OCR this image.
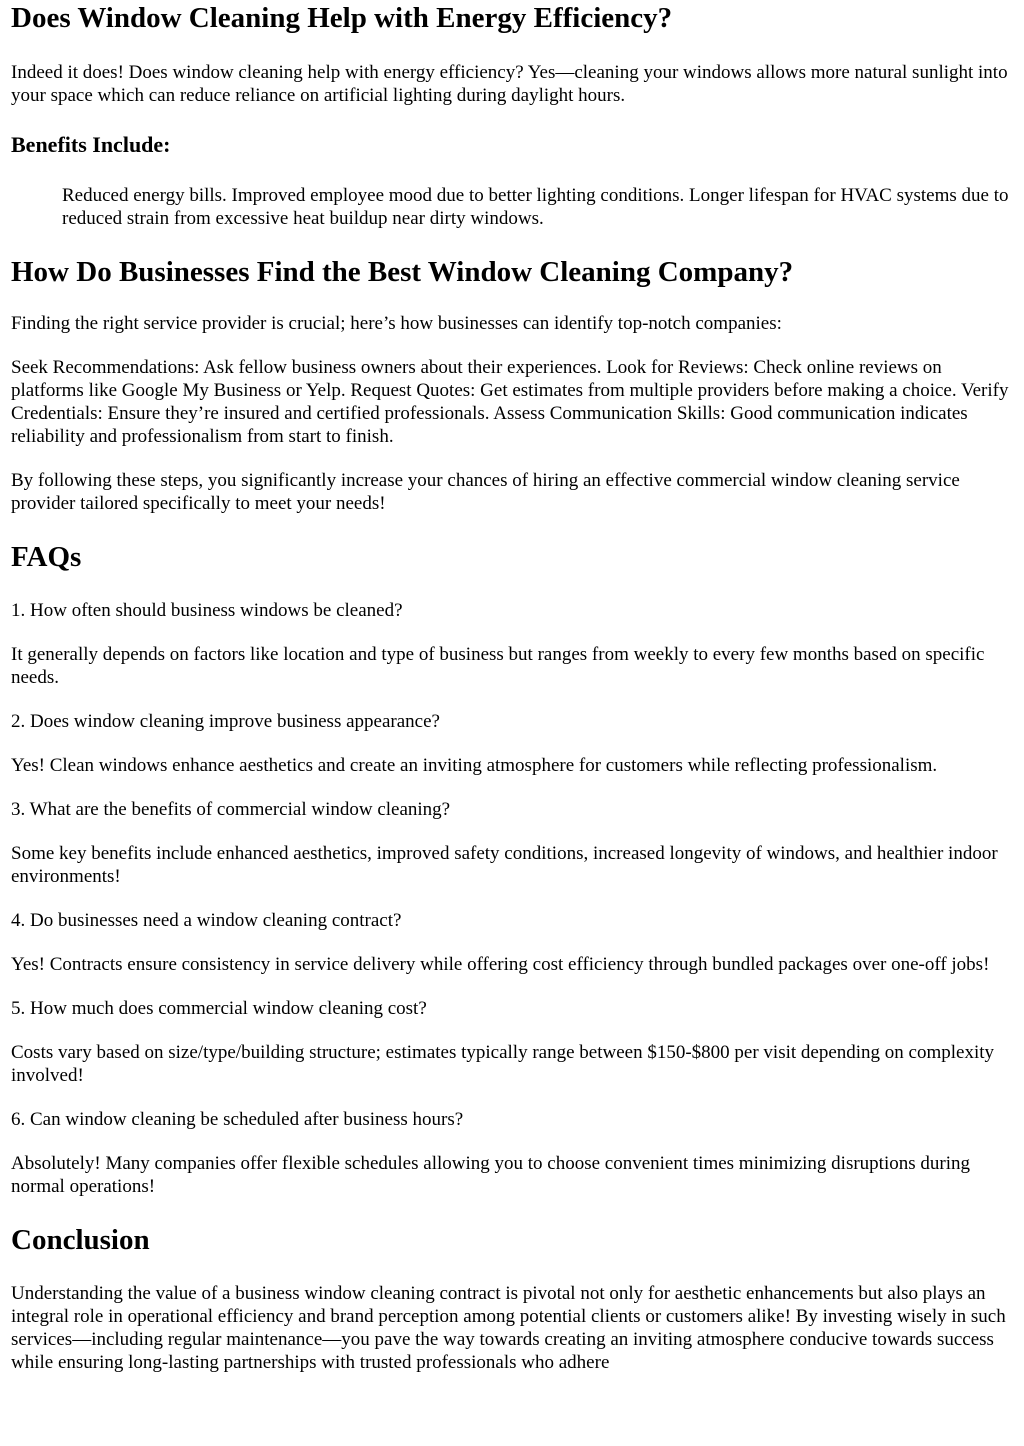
Does Window Cleaning Help with Energy Efficiency?

Indeed it does! Does window cleaning help with energy efficiency? Yes—cleaning your windows allows more natural sunlight into your space which can reduce reliance on artificial lighting during daylight hours.

Benefits Include:
Reduced energy bills. Improved employee mood due to better lighting conditions. Longer lifespan for HVAC systems due to reduced strain from excessive heat buildup near dirty windows.
How Do Businesses Find the Best Window Cleaning Company?

Finding the right service provider is crucial; here’s how businesses can identify top-notch companies:

Seek Recommendations: Ask fellow business owners about their experiences. Look for Reviews: Check online reviews on platforms like Google My Business or Yelp. Request Quotes: Get estimates from multiple providers before making a choice. Verify Credentials: Ensure they’re insured and certified professionals. Assess Communication Skills: Good communication indicates reliability and professionalism from start to finish.

By following these steps, you significantly increase your chances of hiring an effective commercial window cleaning service provider tailored specifically to meet your needs!

FAQs

1. How often should business windows be cleaned?

It generally depends on factors like location and type of business but ranges from weekly to every few months based on specific needs.

2. Does window cleaning improve business appearance?

Yes! Clean windows enhance aesthetics and create an inviting atmosphere for customers while reflecting professionalism.

3. What are the benefits of commercial window cleaning?

Some key benefits include enhanced aesthetics, improved safety conditions, increased longevity of windows, and healthier indoor environments!

4. Do businesses need a window cleaning contract?

Yes! Contracts ensure consistency in service delivery while offering cost efficiency through bundled packages over one-off jobs!

5. How much does commercial window cleaning cost?

Costs vary based on size/type/building structure; estimates typically range between $150-$800 per visit depending on complexity involved!

6. Can window cleaning be scheduled after business hours?

Absolutely! Many companies offer flexible schedules allowing you to choose convenient times minimizing disruptions during normal operations!

Conclusion

Understanding the value of a business window cleaning contract is pivotal not only for aesthetic enhancements but also plays an integral role in operational efficiency and brand perception among potential clients or customers alike! By investing wisely in such services—including regular maintenance—you pave the way towards creating an inviting atmosphere conducive towards success while ensuring long-lasting partnerships with trusted professionals who adhere
